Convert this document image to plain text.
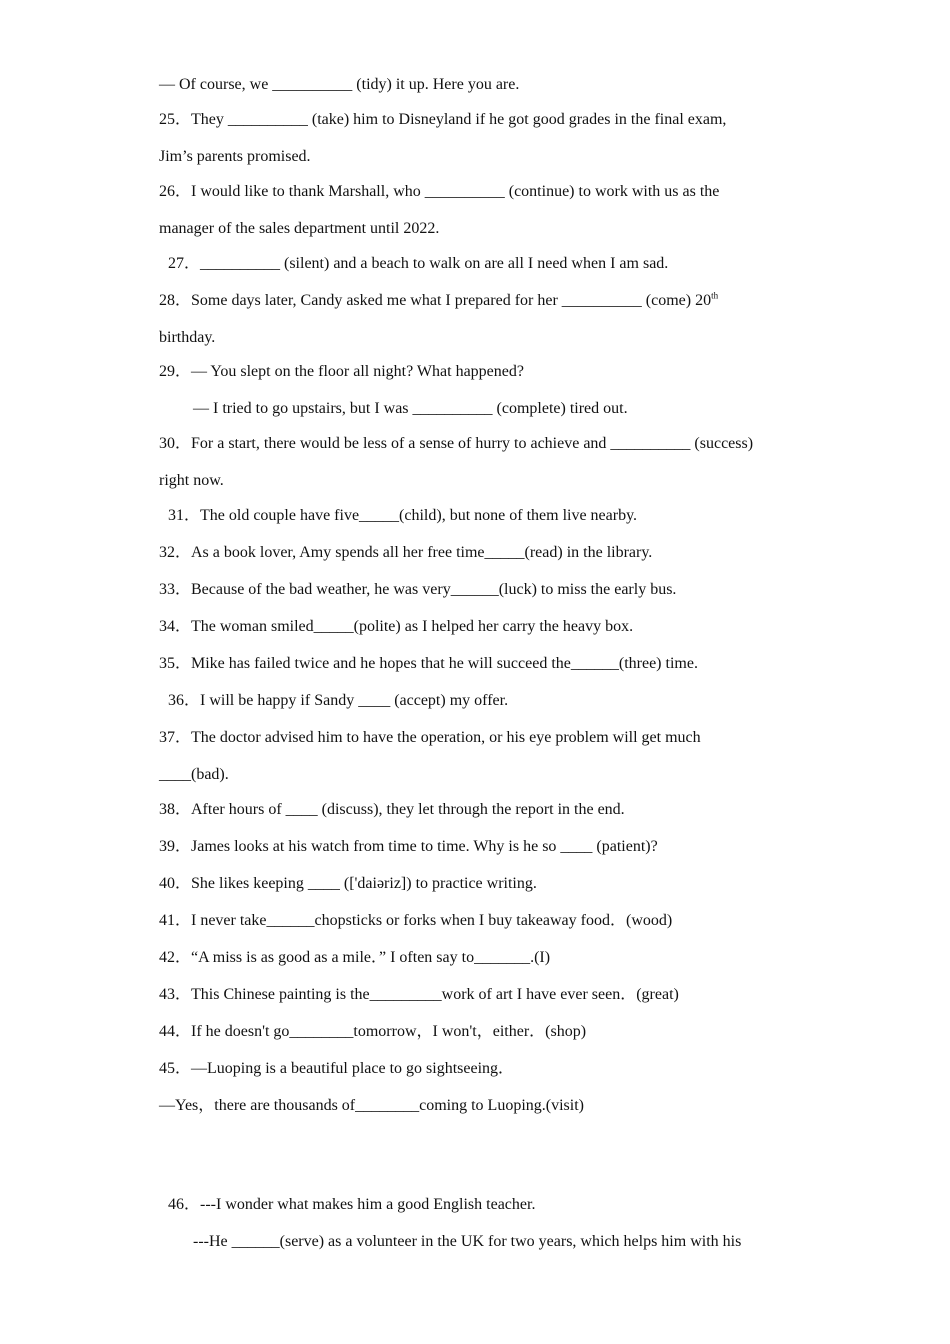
— Of course, we __________ (tidy) it up. Here you are.
25．They __________ (take) him to Disneyland if he got good grades in the final exam,
Jim’s parents promised.
26．I would like to thank Marshall, who __________ (continue) to work with us as the
manager of the sales department until 2022.
27．__________ (silent) and a beach to walk on are all I need when I am sad.
28．Some days later, Candy asked me what I prepared for her __________ (come) 20th
birthday.
29．— You slept on the floor all night? What happened?
— I tried to go upstairs, but I was __________ (complete) tired out.
30．For a start, there would be less of a sense of hurry to achieve and __________ (success)
right now.
31．The old couple have five_____(child), but none of them live nearby.
32．As a book lover, Amy spends all her free time_____(read) in the library.
33．Because of the bad weather, he was very______(luck) to miss the early bus.
34．The woman smiled_____(polite) as I helped her carry the heavy box.
35．Mike has failed twice and he hopes that he will succeed the______(three) time.
36．I will be happy if Sandy ____ (accept) my offer.
37．The doctor advised him to have the operation, or his eye problem will get much
____(bad).
38．After hours of ____ (discuss), they let through the report in the end.
39．James looks at his watch from time to time. Why is he so ____ (patient)?
40．She likes keeping ____ (['daiəriz]) to practice writing.
41．I never take______chopsticks or forks when I buy takeaway food．(wood)
42．“A miss is as good as a mile．” I often say to_______.(I)
43．This Chinese painting is the_________work of art I have ever seen．(great)
44．If he doesn't go________tomorrow，I won't，either．(shop)
45．—Luoping is a beautiful place to go sightseeing．
—Yes，there are thousands of________coming to Luoping.(visit)
46．---I wonder what makes him a good English teacher.
---He ______(serve) as a volunteer in the UK for two years, which helps him with his
